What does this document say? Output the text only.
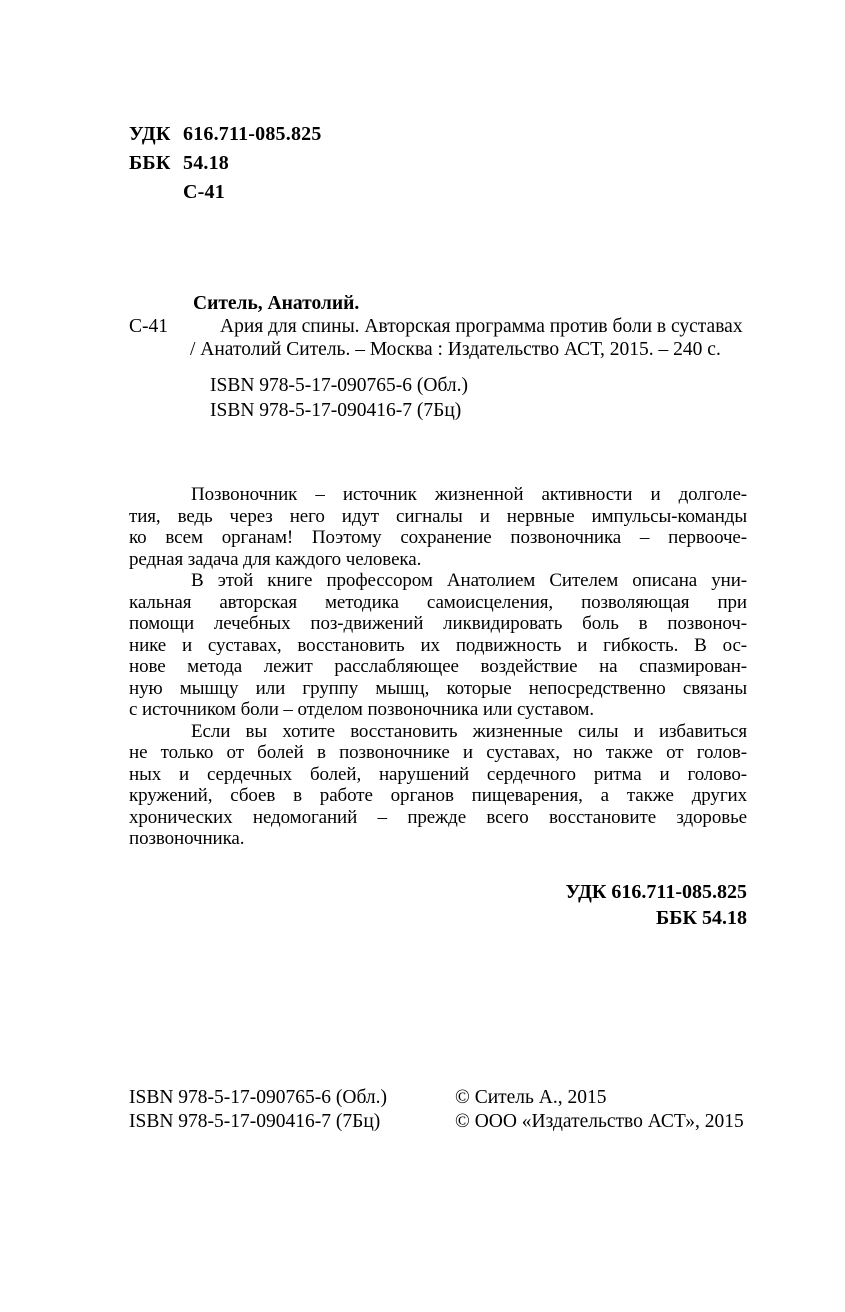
УДК 616.711-085.825
ББК 54.18
С-41
Ситель, Анатолий.
С-41	Ария для спины. Авторская программа против боли в суставах
/ Анатолий Ситель. – Москва : Издательство АСТ, 2015. – 240 с.
ISBN 978-5-17-090765-6 (Обл.)
ISBN 978-5-17-090416-7 (7Бц)
Позвоночник – источник жизненной активности и долголе-
тия, ведь через него идут сигналы и нервные импульсы-команды
ко всем органам! Поэтому сохранение позвоночника – первооче-
редная задача для каждого человека.
В этой книге профессором Анатолием Сителем описана уни-
кальная авторская методика самоисцеления, позволяющая при
помощи лечебных поз-движений ликвидировать боль в позвоноч-
нике и суставах, восстановить их подвижность и гибкость. В ос-
нове метода лежит расслабляющее воздействие на спазмирован-
ную мышцу или группу мышц, которые непосредственно связаны
с источником боли – отделом позвоночника или суставом.
Если вы хотите восстановить жизненные силы и избавиться
не только от болей в позвоночнике и суставах, но также от голов-
ных и сердечных болей, нарушений сердечного ритма и голово-
кружений, сбоев в работе органов пищеварения, а также других
хронических недомоганий – прежде всего восстановите здоровье
позвоночника.
УДК 616.711-085.825
ББК 54.18
ISBN 978-5-17-090765-6 (Обл.)
ISBN 978-5-17-090416-7 (7Бц)
© Ситель А., 2015
© ООО «Издательство АСТ», 2015
